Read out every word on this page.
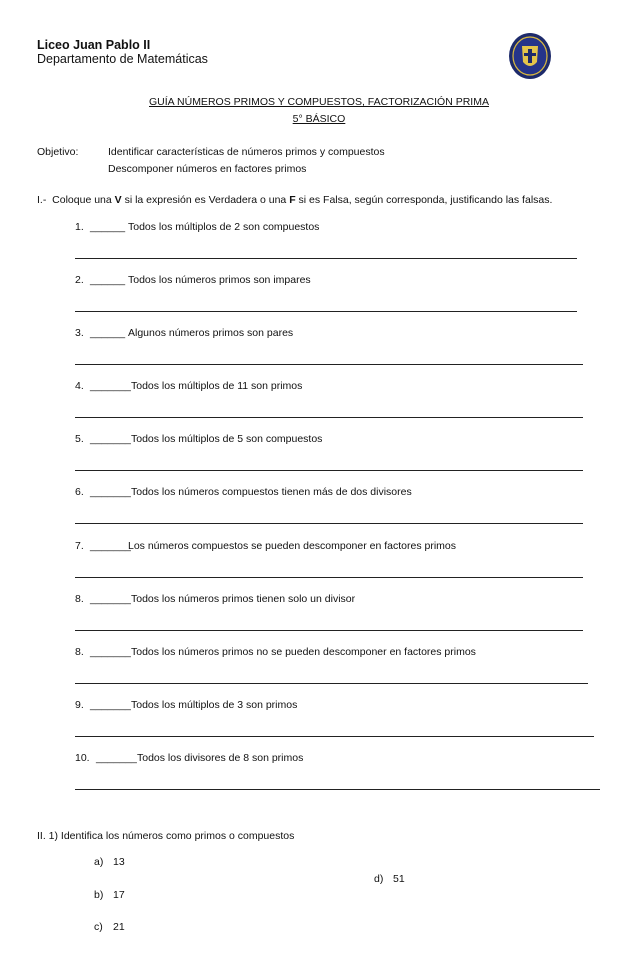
Liceo Juan Pablo II
Departamento de Matemáticas
GUÍA NÚMEROS PRIMOS Y COMPUESTOS, FACTORIZACIÓN PRIMA
5° BÁSICO
Objetivo:	Identificar características de números primos y compuestos
Descomponer números en factores primos
I.-  Coloque una V si la expresión es Verdadera o una F si es Falsa, según corresponda, justificando las falsas.
1. ______ Todos los múltiplos de 2 son compuestos
2. ______ Todos los números primos son impares
3. ______ Algunos números primos son pares
4. _______ Todos los múltiplos de 11 son primos
5. _______ Todos los múltiplos de 5 son compuestos
6. _______ Todos los números compuestos tienen más de dos divisores
7. _______
Los números compuestos se pueden descomponer en factores primos
8. _______ Todos los números primos tienen solo un divisor
8. _______ Todos los números primos no se pueden descomponer en factores primos
9. _______ Todos los múltiplos de 3 son primos
10. _______ Todos los divisores de 8 son primos
II. 1) Identifica los números como primos o compuestos
a) 13
b) 17
c) 21
d) 51
